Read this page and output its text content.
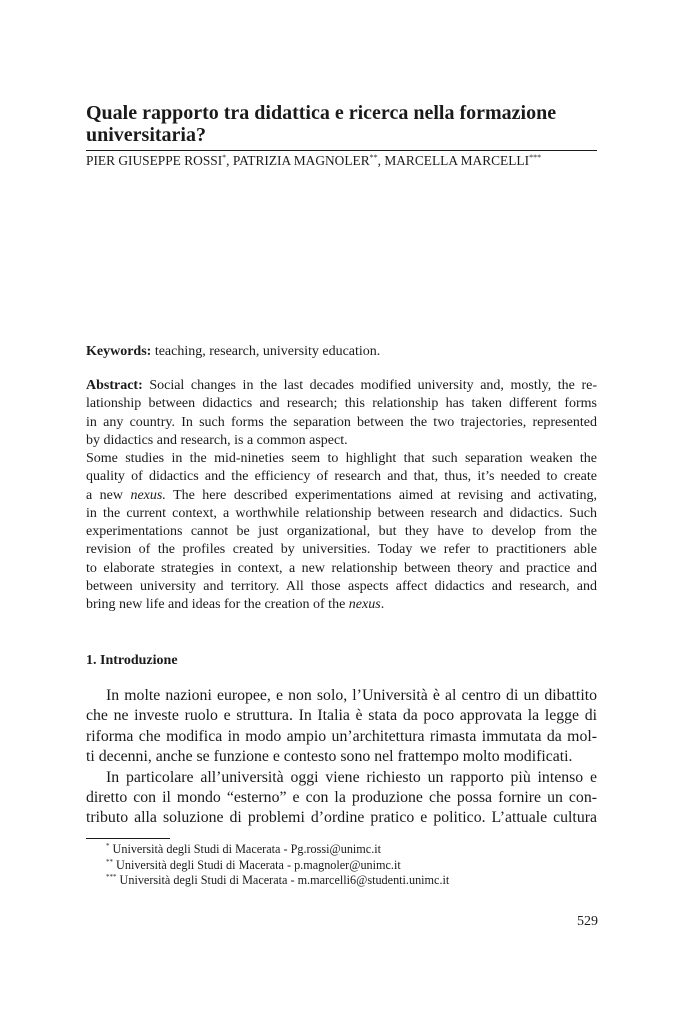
Quale rapporto tra didattica e ricerca nella formazione universitaria?
PIER GIUSEPPE ROSSI*, PATRIZIA MAGNOLER**, MARCELLA MARCELLI***

Keywords: teaching, research, university education.

Abstract: Social changes in the last decades modified university and, mostly, the re-
lationship between didactics and research; this relationship has taken different forms
in any country. In such forms the separation between the two trajectories, represented
by didactics and research, is a common aspect.
Some studies in the mid-nineties seem to highlight that such separation weaken the
quality of didactics and the efficiency of research and that, thus, it’s needed to create
a new nexus. The here described experimentations aimed at revising and activating,
in the current context, a worthwhile relationship between research and didactics. Such
experimentations cannot be just organizational, but they have to develop from the
revision of the profiles created by universities. Today we refer to practitioners able
to elaborate strategies in context, a new relationship between theory and practice and
between university and territory. All those aspects affect didactics and research, and
bring new life and ideas for the creation of the nexus.
1. Introduzione
In molte nazioni europee, e non solo, l’Università è al centro di un dibattito
che ne investe ruolo e struttura. In Italia è stata da poco approvata la legge di
riforma che modifica in modo ampio un’architettura rimasta immutata da mol-
ti decenni, anche se funzione e contesto sono nel frattempo molto modificati.
In particolare all’università oggi viene richiesto un rapporto più intenso e
diretto con il mondo “esterno” e con la produzione che possa fornire un con-
tributo alla soluzione di problemi d’ordine pratico e politico. L’attuale cultura
* Università degli Studi di Macerata - Pg.rossi@unimc.it
** Università degli Studi di Macerata - p.magnoler@unimc.it
*** Università degli Studi di Macerata - m.marcelli6@studenti.unimc.it
529
